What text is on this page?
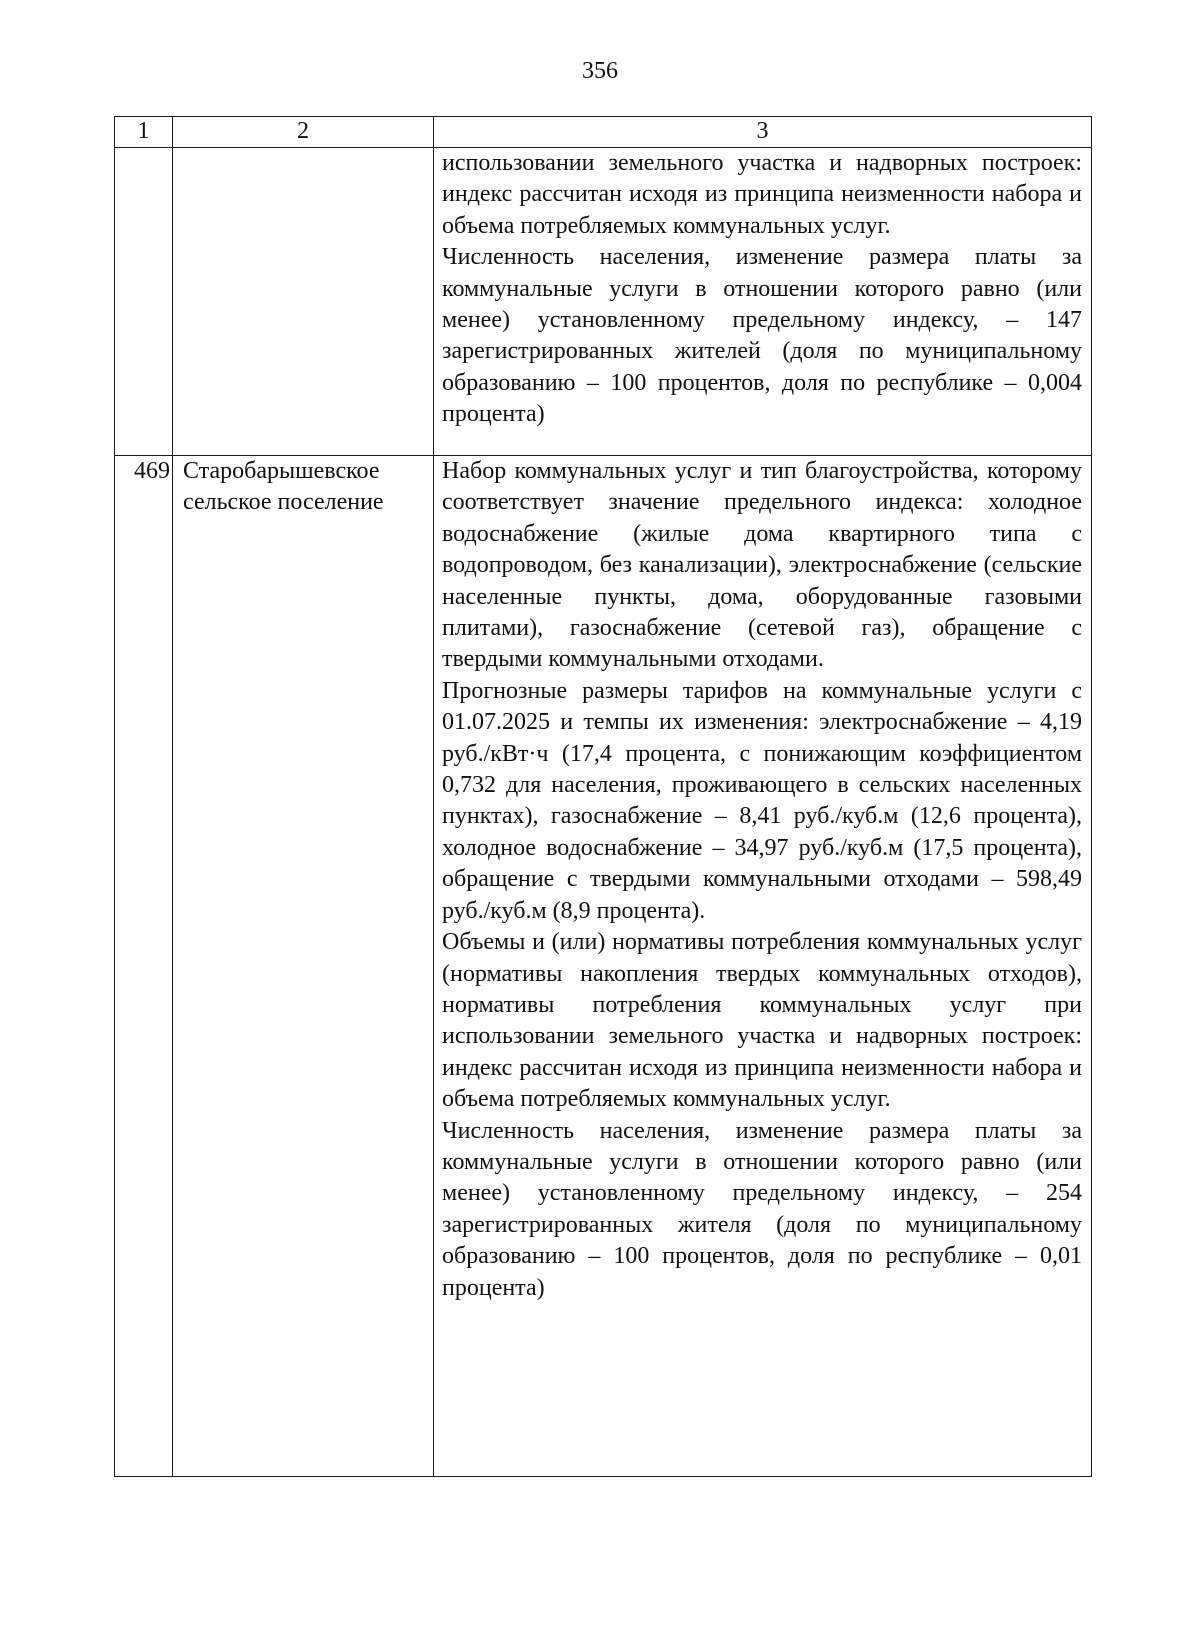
356
1	2	3

		использовании земельного участка и надворных построек: индекс рассчитан исходя из принципа неизменности набора и объема потребляемых коммунальных услуг.

Численность населения, изменение размера платы за коммунальные услуги в отношении которого равно (или менее) установленному предельному индексу, – 147 зарегистрированных жителей (доля по муниципальному образованию – 100 процентов, доля по республике – 0,004 процента)

469	Старобарышевское сельское поселение	Набор коммунальных услуг и тип благоустройства, которому соответствует значение предельного индекса: холодное водоснабжение (жилые дома квартирного типа с водопроводом, без канализации), электроснабжение (сельские населенные пункты, дома, оборудованные газовыми плитами), газоснабжение (сетевой газ), обращение с твердыми коммунальными отходами.

Прогнозные размеры тарифов на коммунальные услуги с 01.07.2025 и темпы их изменения: электроснабжение – 4,19 руб./кВт·ч (17,4 процента, с понижающим коэффициентом 0,732 для населения, проживающего в сельских населенных пунктах), газоснабжение – 8,41 руб./куб.м (12,6 процента), холодное водоснабжение – 34,97 руб./куб.м (17,5 процента), обращение с твердыми коммунальными отходами – 598,49 руб./куб.м (8,9 процента).

Объемы и (или) нормативы потребления коммунальных услуг (нормативы накопления твердых коммунальных отходов), нормативы потребления коммунальных услуг при использовании земельного участка и надворных построек: индекс рассчитан исходя из принципа неизменности набора и объема потребляемых коммунальных услуг.

Численность населения, изменение размера платы за коммунальные услуги в отношении которого равно (или менее) установленному предельному индексу, – 254 зарегистрированных жителя (доля по муниципальному образованию – 100 процентов, доля по республике – 0,01 процента)
